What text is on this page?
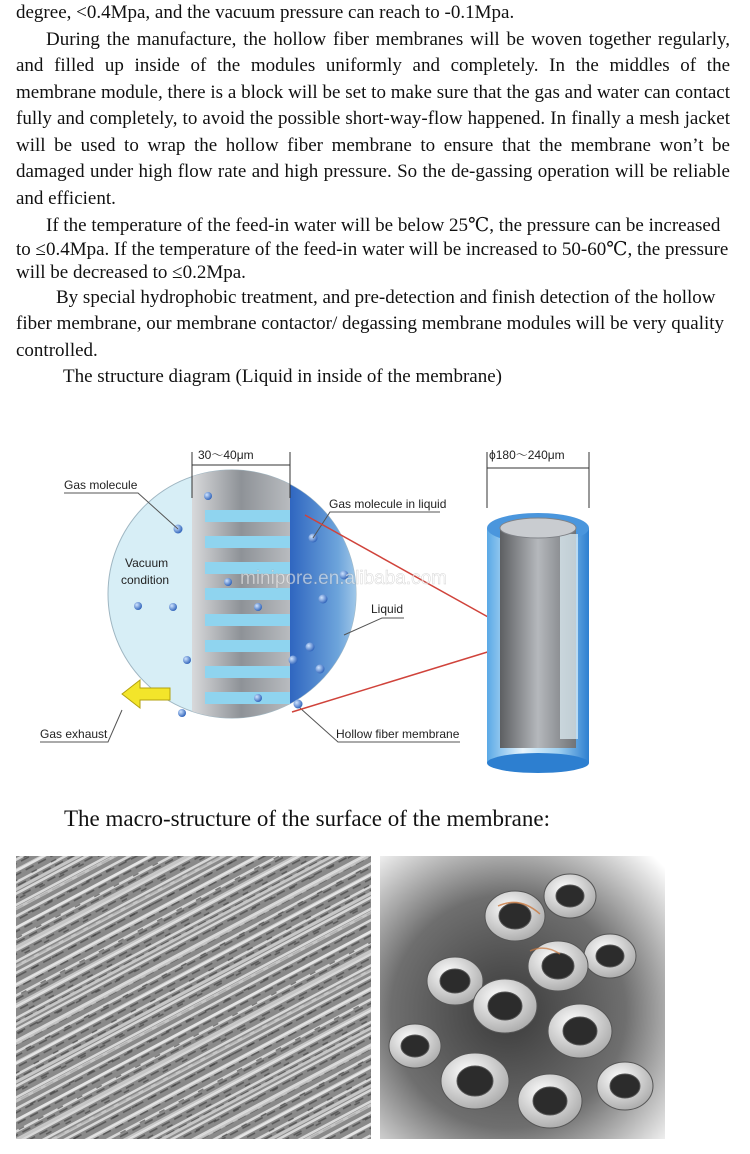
degree, <0.4Mpa, and the vacuum pressure can reach to -0.1Mpa.

During the manufacture, the hollow fiber membranes will be woven together regularly, and filled up inside of the modules uniformly and completely. In the middles of the membrane module, there is a block will be set to make sure that the gas and water can contact fully and completely, to avoid the possible short-way-flow happened. In finally a mesh jacket will be used to wrap the hollow fiber membrane to ensure that the membrane won’t be damaged under high flow rate and high pressure. So the de-gassing operation will be reliable and efficient.

If the temperature of the feed-in water will be below 25℃, the pressure can be increased to ≤0.4Mpa. If the temperature of the feed-in water will be increased to 50-60℃, the pressure will be decreased to ≤0.2Mpa.

By special hydrophobic treatment, and pre-detection and finish detection of the hollow fiber membrane, our membrane contactor/ degassing membrane modules will be very quality controlled.

The structure diagram (Liquid in inside of the membrane)

30～40μm
Gas molecule
Gas molecule in liquid
Vacuum
condition
Liquid
Gas exhaust	Hollow fiber membrane
ϕ180～240μm
minipore.en.alibaba.com
The macro-structure of the surface of the membrane:
